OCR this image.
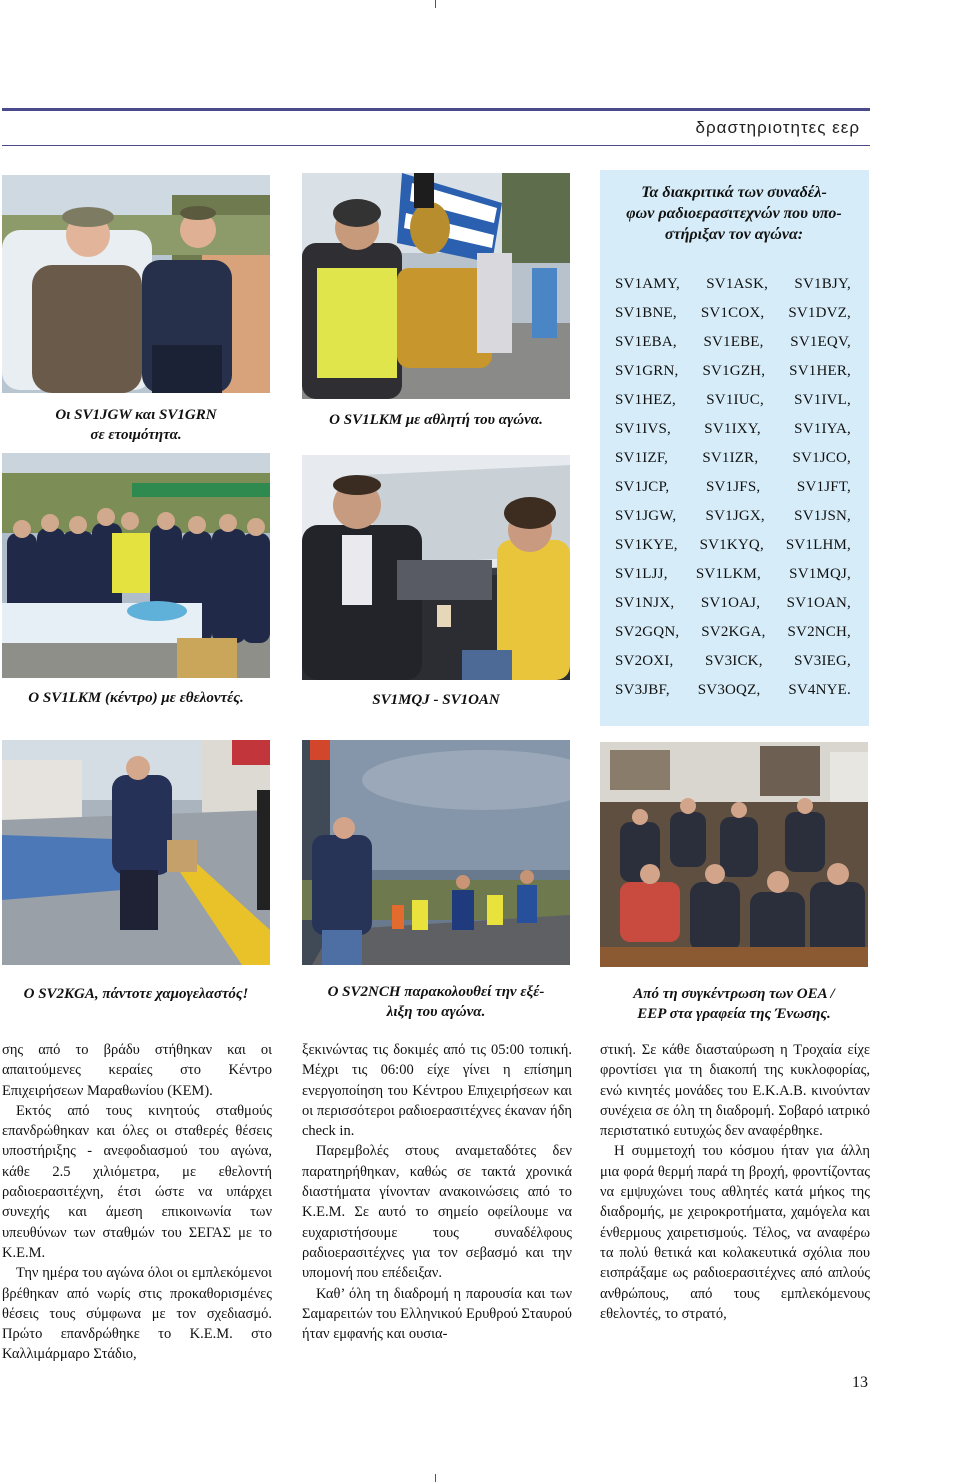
δραστηριοτητες εερ
Οι SV1JGW και SV1GRN
σε ετοιμότητα.
Ο SV1LKM με αθλητή του αγώνα.
Ο SV1LKM (κέντρο) με εθελοντές.	SV1MQJ - SV1OAN
Τα διακριτικά των συναδέλ-
φων ραδιοερασιτεχνών που υπο-
στήριξαν τον αγώνα:
SV1AMY, SV1ASK, SV1BJY,
SV1BNE, SV1COX, SV1DVZ,
SV1EBA, SV1EBE, SV1EQV,
SV1GRN, SV1GZH, SV1HER,
SV1HEZ, SV1IUC, SV1IVL,
SV1IVS, SV1IXY, SV1IYA,
SV1IZF, SV1IZR, SV1JCO,
SV1JCP, SV1JFS, SV1JFT,
SV1JGW, SV1JGX, SV1JSN,
SV1KYE, SV1KYQ, SV1LHM,
SV1LJJ, SV1LKM, SV1MQJ,
SV1NJX, SV1OAJ, SV1OAN,
SV2GQN, SV2KGA, SV2NCH,
SV2OXI, SV3ICK, SV3IEG,
SV3JBF, SV3OQZ, SV4NYE.
Ο SV2KGA, πάντοτε χαμογελαστός!	Ο SV2NCH παρακολουθεί την εξέ-
λιξη του αγώνα.
Από τη συγκέντρωση των ΟΕΑ /
ΕΕΡ στα γραφεία της Ένωσης.

σης από το βράδυ στήθηκαν και οι απαιτούμενες κεραίες στο Κέντρο Επιχειρήσεων Μαραθωνίου (ΚΕΜ).

Εκτός από τους κινητούς σταθμούς επανδρώθηκαν και όλες οι σταθερές θέσεις υποστήριξης - ανεφοδιασμού του αγώνα, κάθε 2.5 χιλιόμετρα, με εθελοντή ραδιοερασιτέχνη, έτσι ώστε να υπάρχει συνεχής και άμεση επικοινωνία των υπευθύνων των σταθμών του ΣΕΓΑΣ με το Κ.Ε.Μ.

Την ημέρα του αγώνα όλοι οι εμπλεκόμενοι βρέθηκαν από νωρίς στις προκαθορισμένες θέσεις τους σύμφωνα με τον σχεδιασμό. Πρώτο επανδρώθηκε το Κ.Ε.Μ. στο Καλλιμάρμαρο Στάδιο,

ξεκινώντας τις δοκιμές από τις 05:00 τοπική. Μέχρι τις 06:00 είχε γίνει η επίσημη ενεργοποίηση του Κέντρου Επιχειρήσεων και οι περισσότεροι ραδιοερασιτέχνες έκαναν ήδη check in.

Παρεμβολές στους αναμεταδότες δεν παρατηρήθηκαν, καθώς σε τακτά χρονικά διαστήματα γίνονταν ανακοινώσεις από το Κ.Ε.Μ. Σε αυτό το σημείο οφείλουμε να ευχαριστήσουμε τους συναδέλφους ραδιοερασιτέχνες για τον σεβασμό και την υπομονή που επέδειξαν.

Καθ’ όλη τη διαδρομή η παρουσία και των Σαμαρειτών του Ελληνικού Ερυθρού Σταυρού ήταν εμφανής και ουσια-

στική. Σε κάθε διασταύρωση η Τροχαία είχε φροντίσει για τη διακοπή της κυκλοφορίας, ενώ κινητές μονάδες του Ε.Κ.Α.Β. κινούνταν συνέχεια σε όλη τη διαδρομή. Σοβαρό ιατρικό περιστατικό ευτυχώς δεν αναφέρθηκε.

Η συμμετοχή του κόσμου ήταν για άλλη μια φορά θερμή παρά τη βροχή, φροντίζοντας να εμψυχώνει τους αθλητές κατά μήκος της διαδρομής, με χειροκροτήματα, χαμόγελα και ένθερμους χαιρετισμούς. Τέλος, να αναφέρω τα πολύ θετικά και κολακευτικά σχόλια που εισπράξαμε ως ραδιοερασιτέχνες από απλούς ανθρώπους, από τους εμπλεκόμενους εθελοντές, το στρατό,

13
